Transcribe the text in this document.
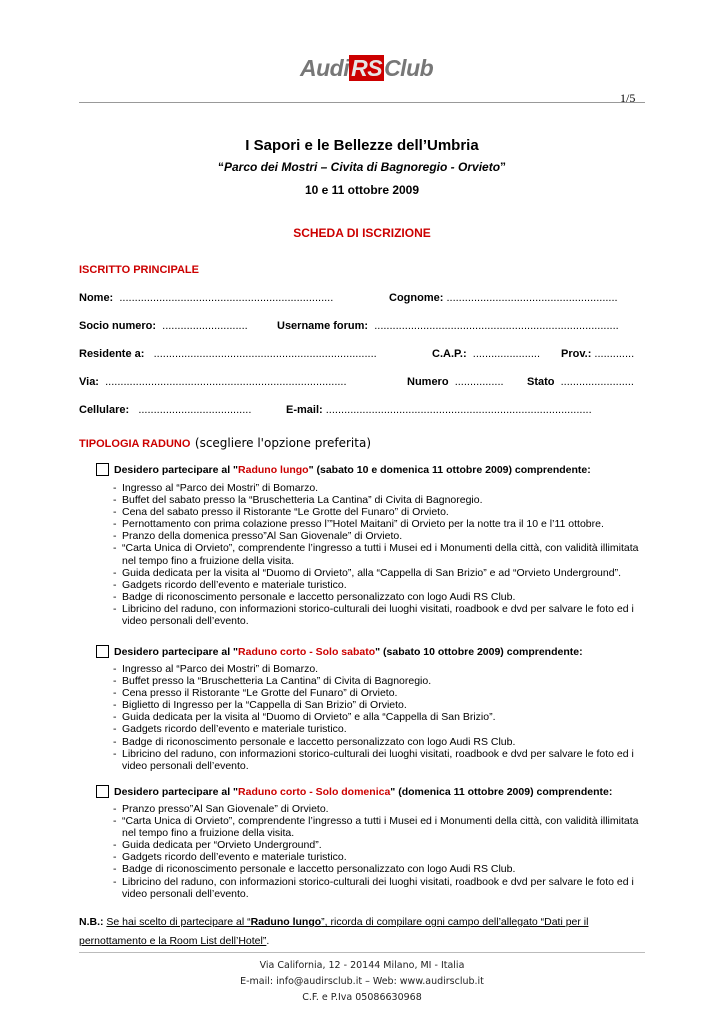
AudiRSClub
1/5
I Sapori e le Bellezze dell’Umbria
“Parco dei Mostri – Civita di Bagnoregio - Orvieto”
10 e 11 ottobre 2009
SCHEDA DI ISCRIZIONE
ISCRITTO PRINCIPALE
Nome: ......................................................................	Cognome: ........................................................
Socio numero: ............................	Username forum: ................................................................................
Residente a: .........................................................................	C.A.P.: ...................... Prov.: .............
Via: ...............................................................................	Numero ................ Stato ........................
Cellulare: .....................................	E-mail: .......................................................................................
TIPOLOGIA RADUNO (scegliere l'opzione preferita)
Desidero partecipare al "Raduno lungo" (sabato 10 e domenica 11 ottobre 2009) comprendente:
- Ingresso al “Parco dei Mostri” di Bomarzo.
- Buffet del sabato presso la “Bruschetteria La Cantina” di Civita di Bagnoregio.
- Cena del sabato presso il Ristorante “Le Grotte del Funaro” di Orvieto.
- Pernottamento con prima colazione presso l’”Hotel Maitani” di Orvieto per la notte tra il 10 e l’11 ottobre.
- Pranzo della domenica presso”Al San Giovenale” di Orvieto.
- “Carta Unica di Orvieto”, comprendente l’ingresso a tutti i Musei ed i Monumenti della città, con validità illimitata nel tempo fino a fruizione della visita.
- Guida dedicata per la visita al “Duomo di Orvieto”, alla “Cappella di San Brizio” e ad “Orvieto Underground”.
- Gadgets ricordo dell’evento e materiale turistico.
- Badge di riconoscimento personale e laccetto personalizzato con logo Audi RS Club.
- Libricino del raduno, con informazioni storico-culturali dei luoghi visitati, roadbook e dvd per salvare le foto ed i video personali dell’evento.
Desidero partecipare al "Raduno corto - Solo sabato" (sabato 10 ottobre 2009) comprendente:
- Ingresso al “Parco dei Mostri” di Bomarzo.
- Buffet presso la “Bruschetteria La Cantina” di Civita di Bagnoregio.
- Cena presso il Ristorante “Le Grotte del Funaro” di Orvieto.
- Biglietto di Ingresso per la “Cappella di San Brizio” di Orvieto.
- Guida dedicata per la visita al “Duomo di Orvieto” e alla “Cappella di San Brizio”.
- Gadgets ricordo dell’evento e materiale turistico.
- Badge di riconoscimento personale e laccetto personalizzato con logo Audi RS Club.
- Libricino del raduno, con informazioni storico-culturali dei luoghi visitati, roadbook e dvd per salvare le foto ed i video personali dell’evento.
Desidero partecipare al "Raduno corto - Solo domenica" (domenica 11 ottobre 2009) comprendente:
- Pranzo presso”Al San Giovenale” di Orvieto.
- “Carta Unica di Orvieto”, comprendente l’ingresso a tutti i Musei ed i Monumenti della città, con validità illimitata nel tempo fino a fruizione della visita.
- Guida dedicata per “Orvieto Underground”.
- Gadgets ricordo dell’evento e materiale turistico.
- Badge di riconoscimento personale e laccetto personalizzato con logo Audi RS Club.
- Libricino del raduno, con informazioni storico-culturali dei luoghi visitati, roadbook e dvd per salvare le foto ed i video personali dell’evento.
N.B.: Se hai scelto di partecipare al “Raduno lungo”, ricorda di compilare ogni campo dell’allegato “Dati per il pernottamento e la Room List dell’Hotel”.
Via California, 12 - 20144 Milano, MI - Italia
E-mail: info@audirsclub.it – Web: www.audirsclub.it
C.F. e P.Iva 05086630968
